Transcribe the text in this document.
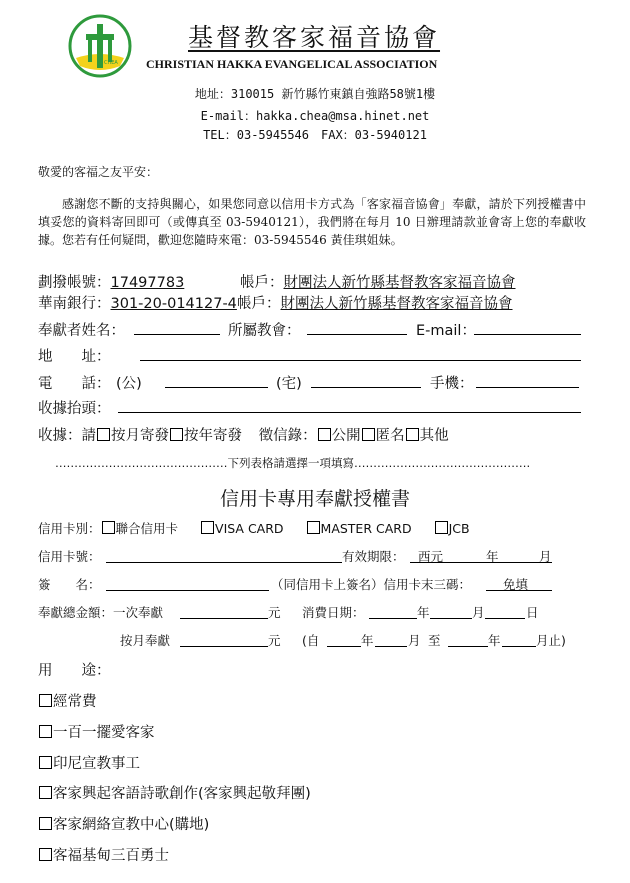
CHEA
基督教客家福音協會
CHRISTIAN HAKKA EVANGELICAL ASSOCIATION
地址：310015 新竹縣竹東鎮自強路58號1樓
E-mail：hakka.chea@msa.hinet.net
TEL：03-5945546　FAX：03-5940121
敬愛的客福之友平安：
感謝您不斷的支持與關心，如果您同意以信用卡方式為「客家福音協會」奉獻，請於下列授權書中填妥您的資料寄回即可（或傳真至 03-5940121），我們將在每月 10 日辦理請款並會寄上您的奉獻收據。您若有任何疑問，歡迎您隨時來電：03-5945546 黃佳琪姐妹。
劃撥帳號：17497783	帳戶：財團法人新竹縣基督教客家福音協會
華南銀行：301-20-014127-4 帳戶：財團法人新竹縣基督教客家福音協會
奉獻者姓名：	所屬教會：	E-mail：
地　　址：
電　　話： (公)	(宅)	手機：
收據抬頭：
收據：請 按月寄發 按年寄發 徵信錄： 公開 匿名 其他
………………………………………下列表格請選擇一項填寫……………………………………….
信用卡專用奉獻授權書
信用卡別： 聯合信用卡	VISA CARD	MASTER CARD	JCB
信用卡號：	有效期限： 西元	年	月
簽　　名：	（同信用卡上簽名）信用卡末三碼：	免填
奉獻總金額：一次奉獻	元 消費日期：	年	月	日
按月奉獻	元 (自	年	月 至	年	月止)
用　　途：
經常費
一百一擺愛客家
印尼宣教事工
客家興起客語詩歌創作(客家興起敬拜團)
客家網絡宣教中心(購地)
客福基甸三百勇士
